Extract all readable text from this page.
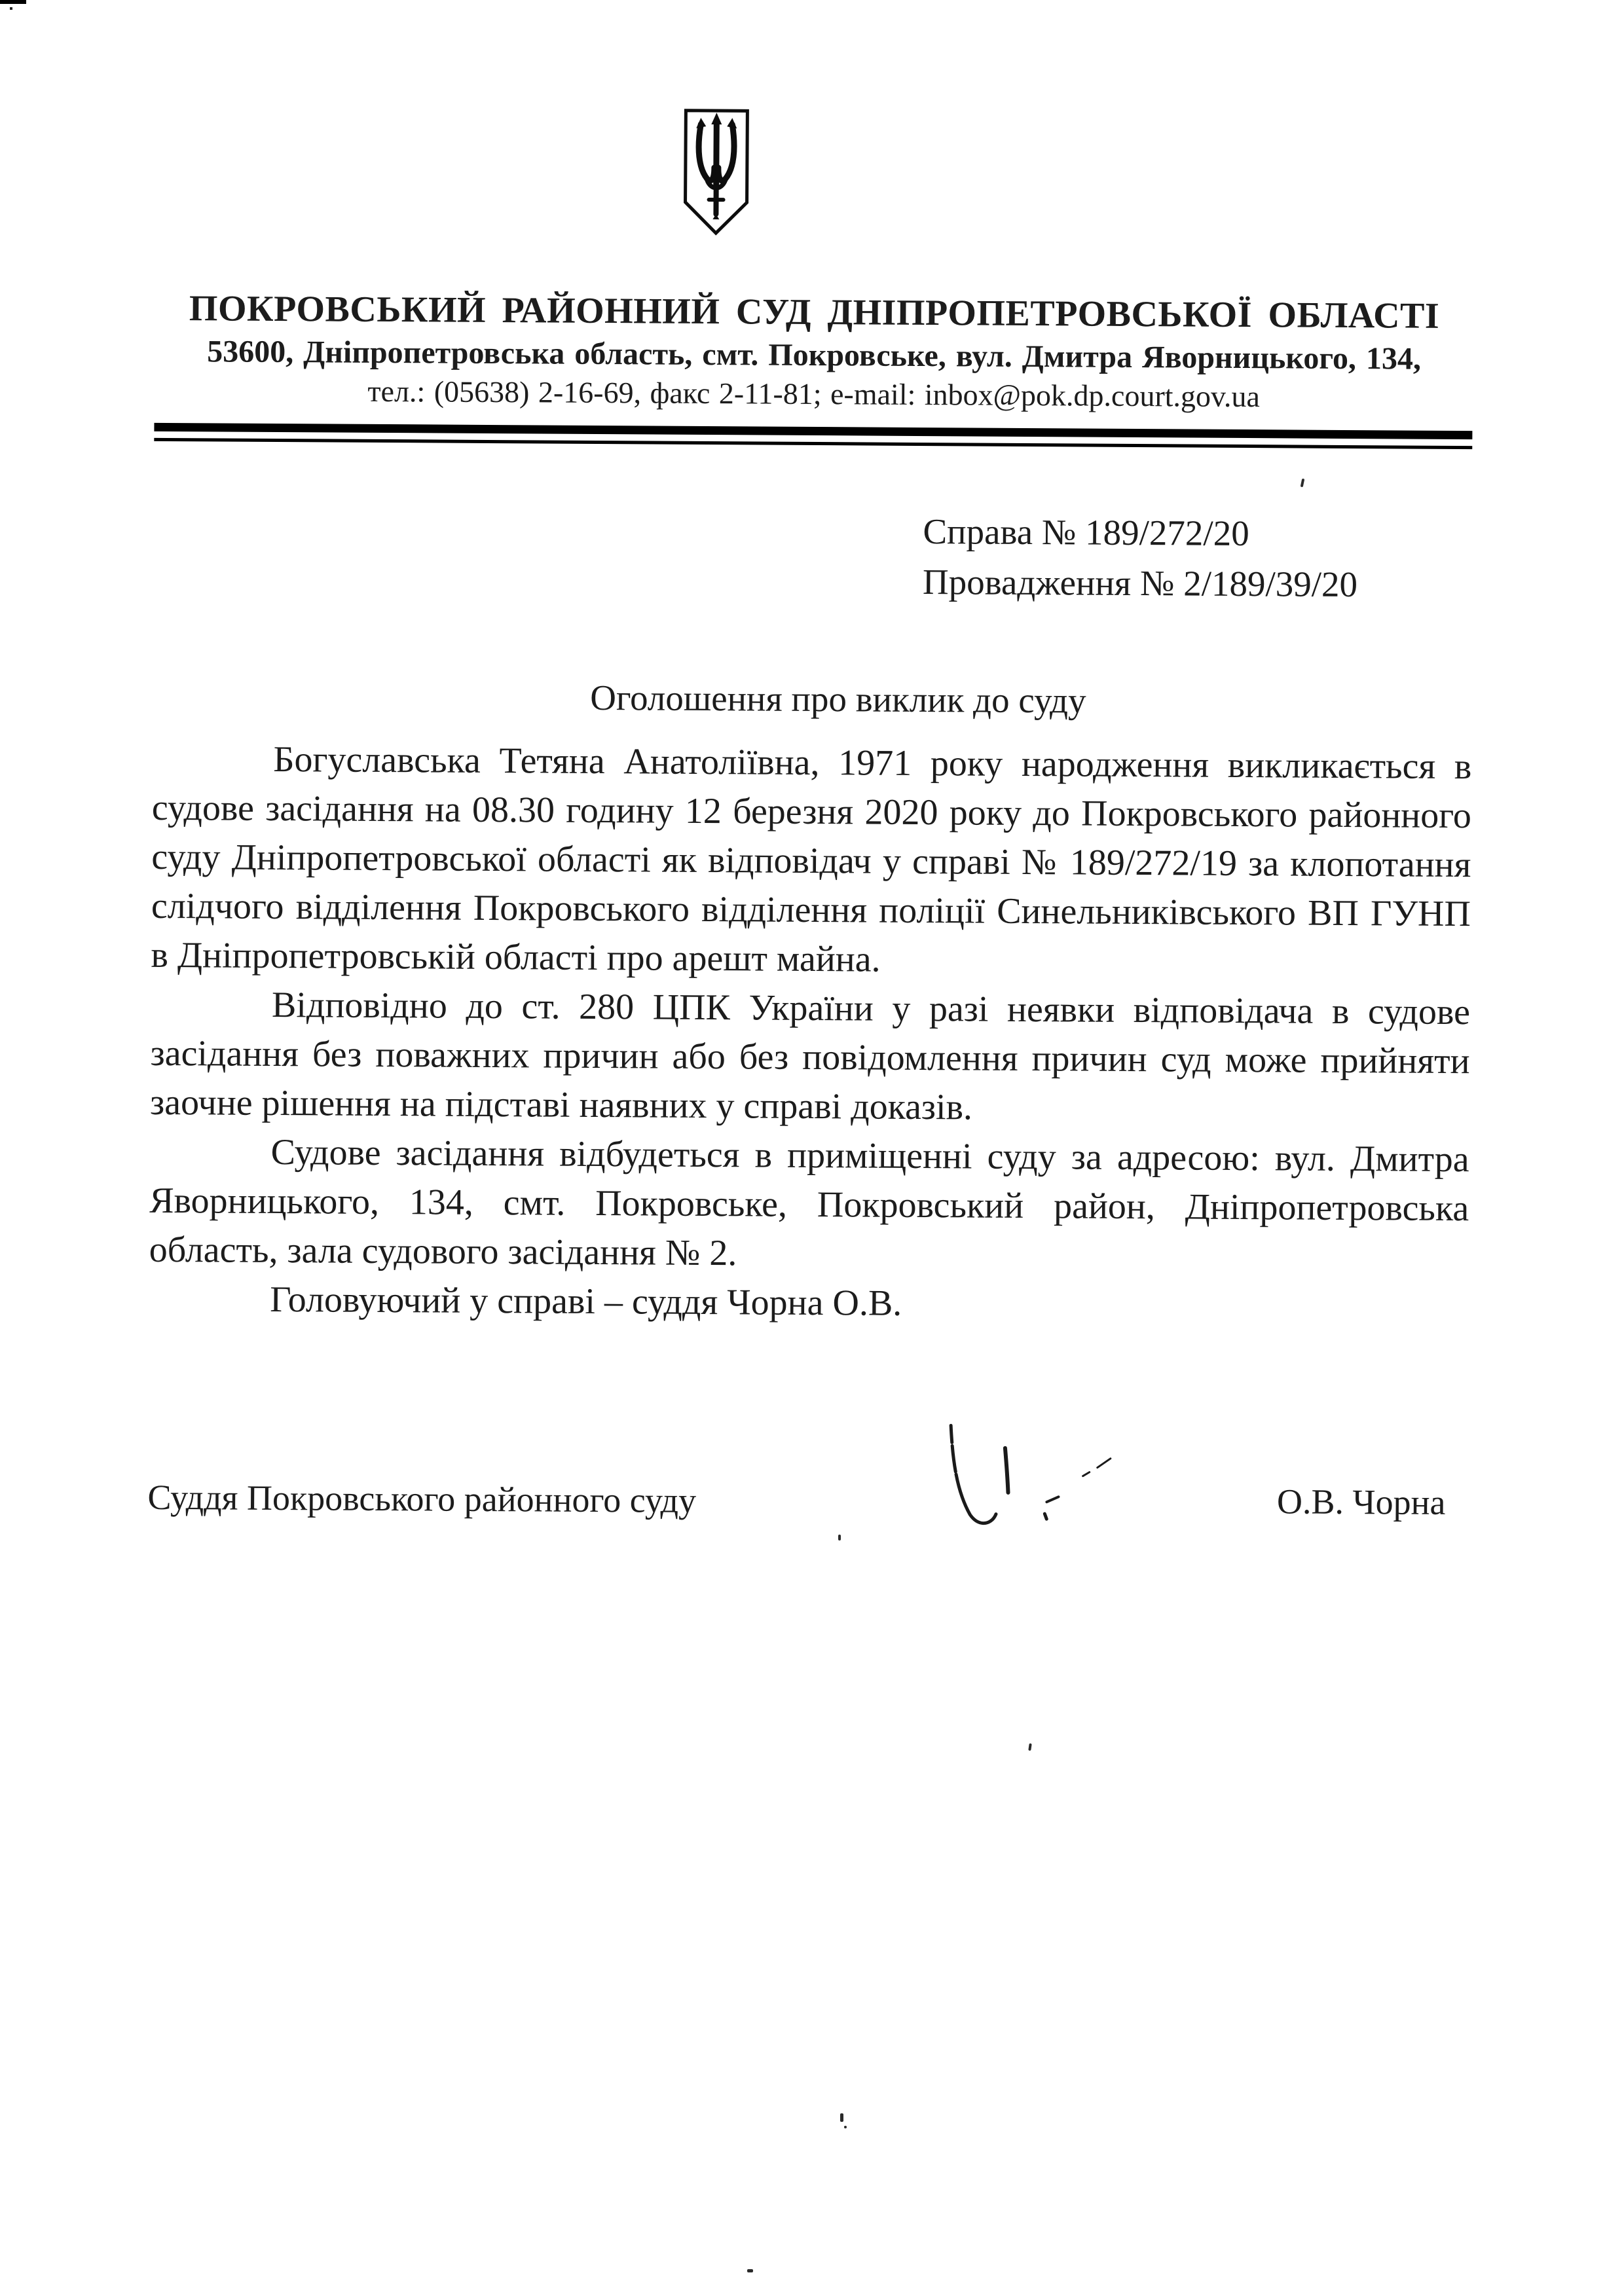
ПОКРОВСЬКИЙ РАЙОННИЙ СУД ДНІПРОПЕТРОВСЬКОЇ ОБЛАСТІ
53600, Дніпропетровська область, смт. Покровське, вул. Дмитра Яворницького, 134,
тел.: (05638) 2-16-69, факс 2-11-81; e-mail: inbox@pok.dp.court.gov.ua
Справа № 189/272/20
Провадження № 2/189/39/20
Оголошення про виклик до суду

Богуславська Тетяна Анатоліївна, 1971 року народження викликається в судове засідання на 08.30 годину 12 березня 2020 року до Покровського районного суду Дніпропетровської області як відповідач у справі № 189/272/19 за клопотання слідчого відділення Покровського відділення поліції Синельниківського ВП ГУНП в Дніпропетровській області про арешт майна.

Відповідно до ст. 280 ЦПК України у разі неявки відповідача в судове засідання без поважних причин або без повідомлення причин суд може прийняти заочне рішення на підставі наявних у справі доказів.

Судове засідання відбудеться в приміщенні суду за адресою: вул. Дмитра Яворницького, 134, смт. Покровське, Покровський район, Дніпропетровська область, зала судового засідання № 2.

Головуючий у справі – суддя Чорна О.В.

Суддя Покровського районного суду	О.В. Чорна
